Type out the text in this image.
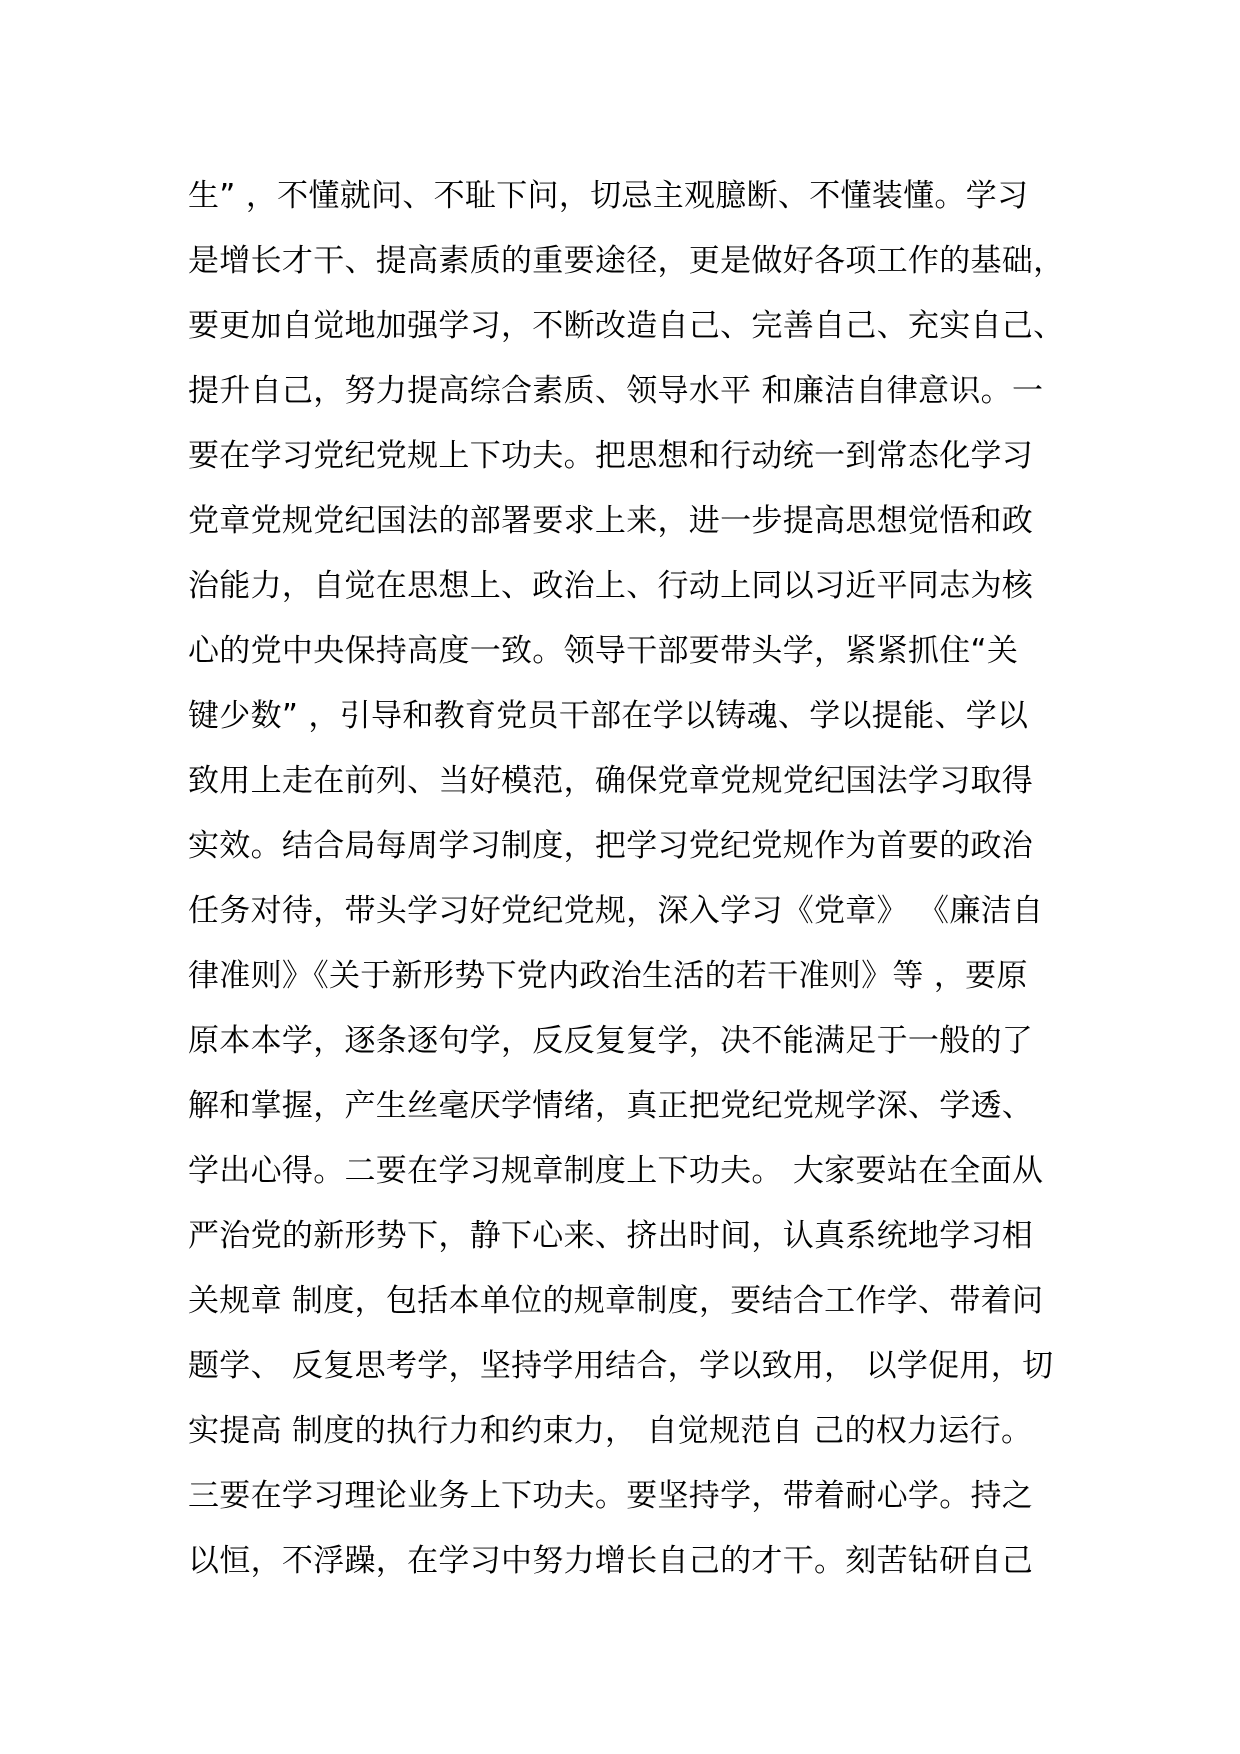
生” ，不懂就问、不耻下问，切忌主观臆断、不懂装懂。学习
是增长才干、提高素质的重要途径，更是做好各项工作的基础，
要更加自觉地加强学习，不断改造自己、完善自己、充实自己、
提升自己，努力提高综合素质、领导水平 和廉洁自律意识。一
要在学习党纪党规上下功夫。把思想和行动统一到常态化学习
党章党规党纪国法的部署要求上来，进一步提高思想觉悟和政
治能力，自觉在思想上、政治上、行动上同以习近平同志为核
心的党中央保持高度一致。领导干部要带头学，紧紧抓住“关
键少数” ，引导和教育党员干部在学以铸魂、学以提能、学以
致用上走在前列、当好模范，确保党章党规党纪国法学习取得
实效。结合局每周学习制度，把学习党纪党规作为首要的政治
任务对待，带头学习好党纪党规，深入学习《党章》 《廉洁自
律准则》《关于新形势下党内政治生活的若干准则》等 ，要原
原本本学，逐条逐句学，反反复复学，决不能满足于一般的了
解和掌握，产生丝毫厌学情绪，真正把党纪党规学深、学透、
学出心得。二要在学习规章制度上下功夫。 大家要站在全面从
严治党的新形势下，静下心来、挤出时间，认真系统地学习相
关规章 制度，包括本单位的规章制度，要结合工作学、带着问
题学、 反复思考学，坚持学用结合，学以致用， 以学促用，切
实提高 制度的执行力和约束力， 自觉规范自 己的权力运行。
三要在学习理论业务上下功夫。要坚持学，带着耐心学。持之
以恒，不浮躁，在学习中努力增长自己的才干。刻苦钻研自己
